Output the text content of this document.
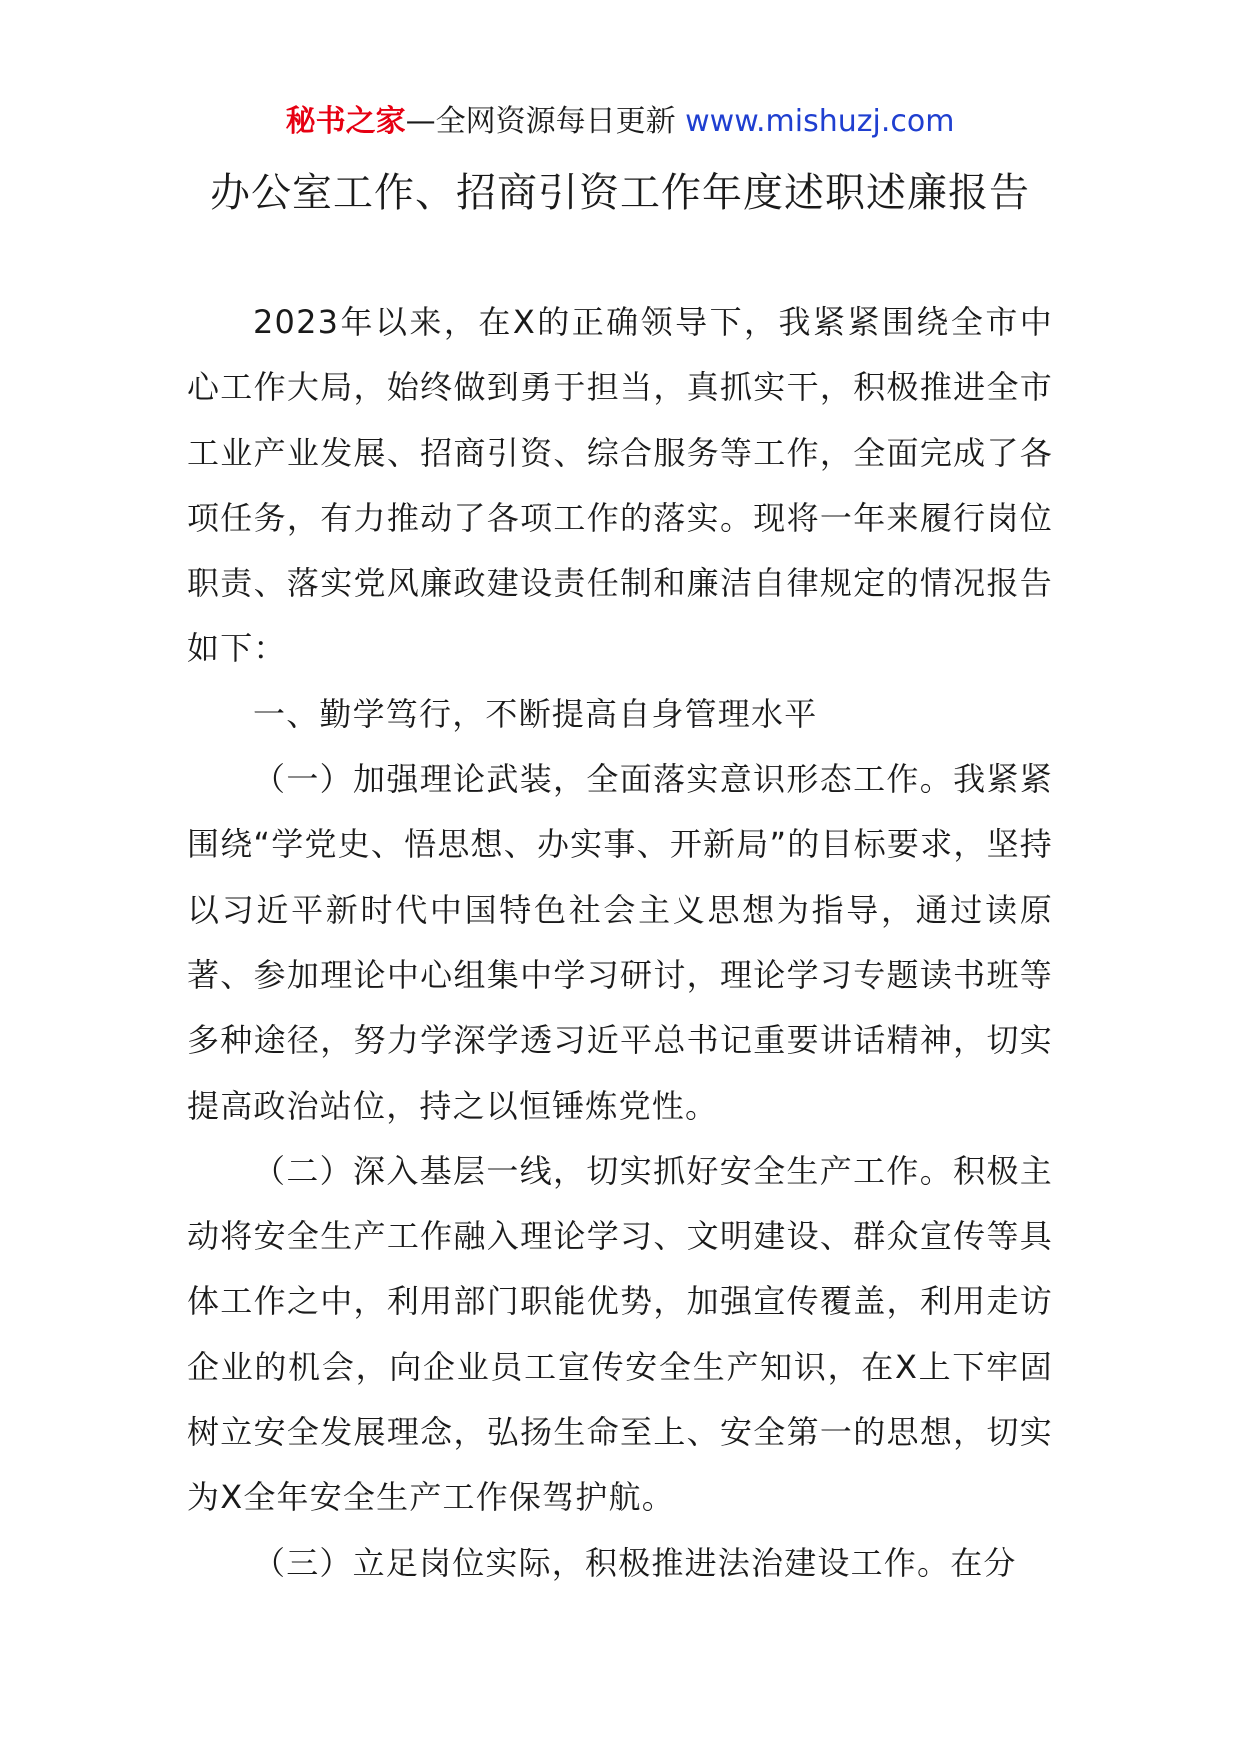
秘书之家—全网资源每日更新 www.mishuzj.com
办公室工作、招商引资工作年度述职述廉报告

2023年以来，在X的正确领导下，我紧紧围绕全市中心工作大局，始终做到勇于担当，真抓实干，积极推进全市工业产业发展、招商引资、综合服务等工作，全面完成了各项任务，有力推动了各项工作的落实。现将一年来履行岗位职责、落实党风廉政建设责任制和廉洁自律规定的情况报告如下：

一、勤学笃行，不断提高自身管理水平

（一）加强理论武装，全面落实意识形态工作。我紧紧围绕“学党史、悟思想、办实事、开新局”的目标要求，坚持以习近平新时代中国特色社会主义思想为指导，通过读原著、参加理论中心组集中学习研讨，理论学习专题读书班等多种途径，努力学深学透习近平总书记重要讲话精神，切实提高政治站位，持之以恒锤炼党性。

（二）深入基层一线，切实抓好安全生产工作。积极主动将安全生产工作融入理论学习、文明建设、群众宣传等具体工作之中，利用部门职能优势，加强宣传覆盖，利用走访企业的机会，向企业员工宣传安全生产知识，在X上下牢固树立安全发展理念，弘扬生命至上、安全第一的思想，切实为X全年安全生产工作保驾护航。

（三）立足岗位实际，积极推进法治建设工作。在分
